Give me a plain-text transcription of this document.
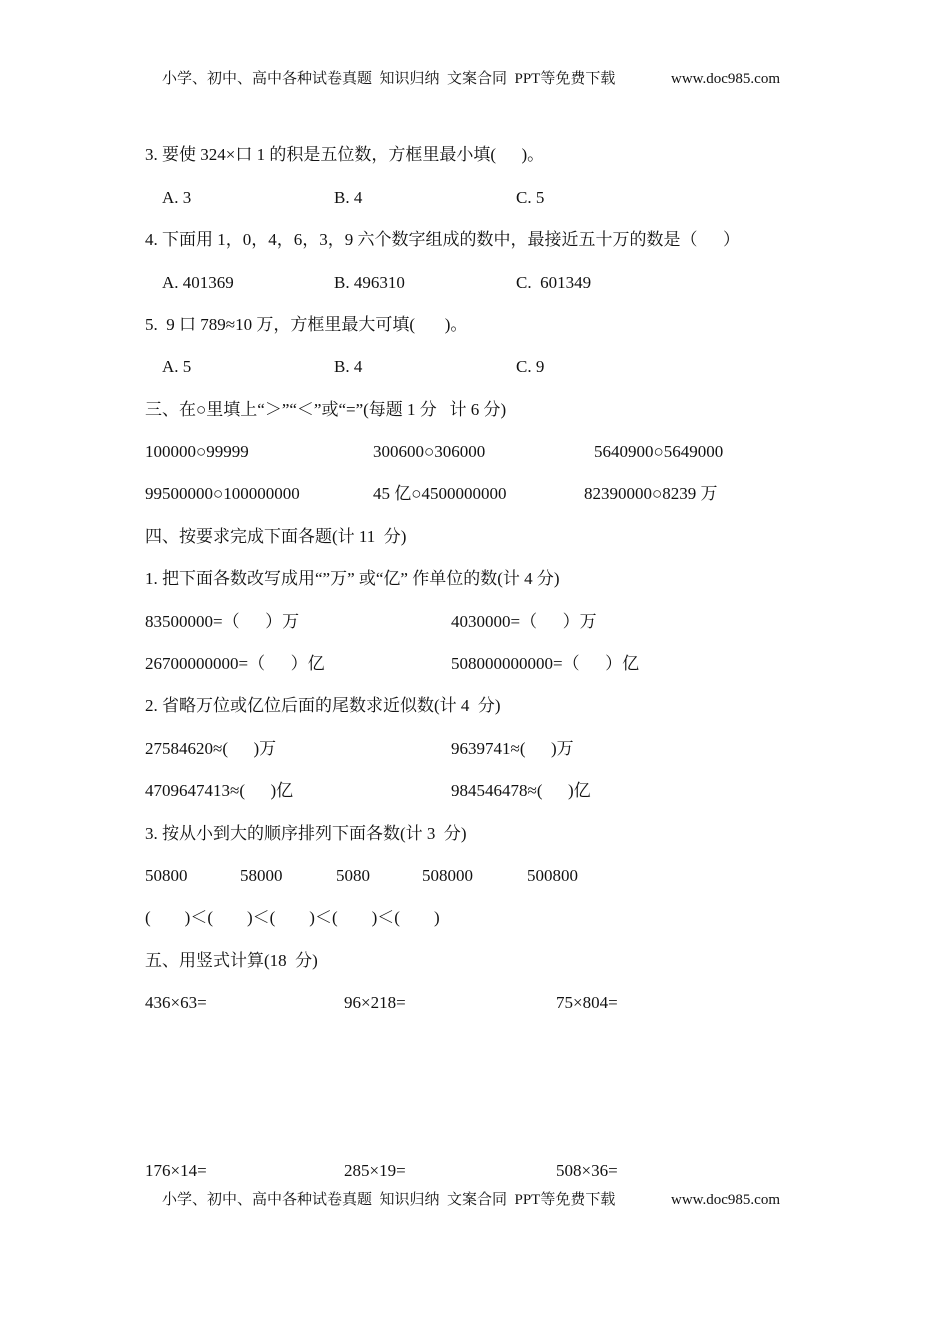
小学、初中、高中各种试卷真题  知识归纳  文案合同  PPT等免费下载	www.doc985.com
3. 要使 324×口 1 的积是五位数，方框里最小填(      )。
A. 3	B. 4	C. 5
4. 下面用 1，0，4，6，3，9 六个数字组成的数中，最接近五十万的数是（      ）
A. 401369	B. 496310	C.  601349
5.  9 口 789≈10 万，方框里最大可填(       )。
A. 5	B. 4	C. 9
三、在○里填上“＞”“＜”或“=”(每题 1 分   计 6 分)
100000○99999	300600○306000	5640900○5649000
99500000○100000000	45 亿○4500000000	82390000○8239 万
四、按要求完成下面各题(计 11  分)
1. 把下面各数改写成用“”万” 或“亿” 作单位的数(计 4 分)
83500000=（      ）万	4030000=（      ）万
26700000000=（      ）亿	508000000000=（      ）亿
2. 省略万位或亿位后面的尾数求近似数(计 4  分)
27584620≈(      )万	9639741≈(      )万
4709647413≈(      )亿	984546478≈(      )亿
3. 按从小到大的顺序排列下面各数(计 3  分)
50800	58000	5080	508000	500800
(        )＜(        )＜(        )＜(        )＜(        )
五、用竖式计算(18  分)
436×63=	96×218=	75×804=
176×14=	285×19=	508×36=
小学、初中、高中各种试卷真题  知识归纳  文案合同  PPT等免费下载	www.doc985.com
